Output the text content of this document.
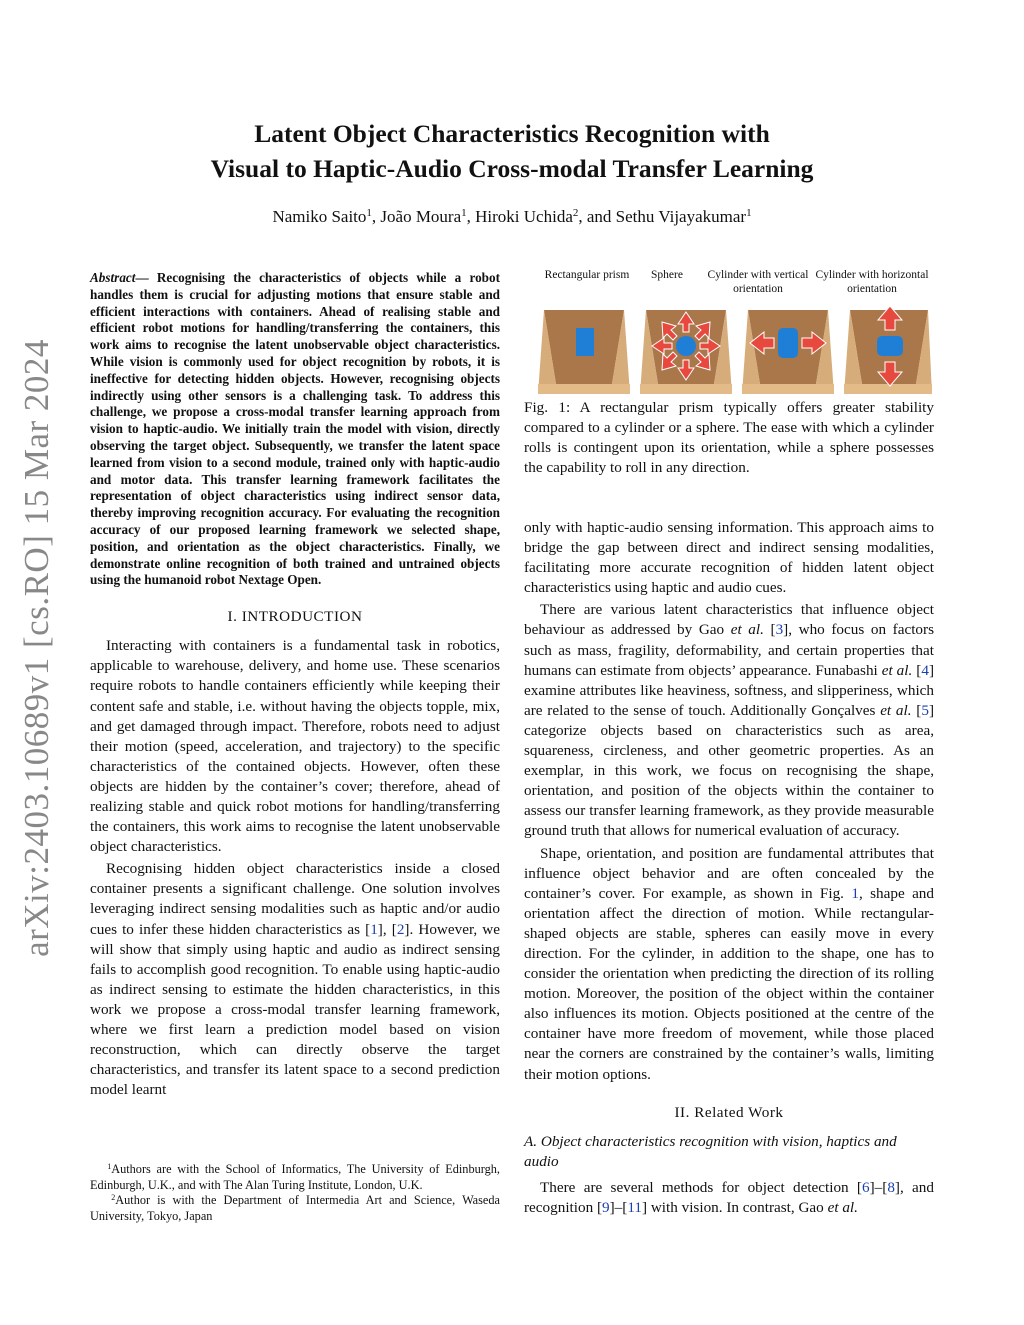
arXiv:2403.10689v1 [cs.RO] 15 Mar 2024
Latent Object Characteristics Recognition with
Visual to Haptic-Audio Cross-modal Transfer Learning
Namiko Saito$^1$, João Moura$^1$, Hiroki Uchida$^2$, and Sethu Vijayakumar$^1$

Abstract— Recognising the characteristics of objects while a robot handles them is crucial for adjusting motions that ensure stable and efficient interactions with containers. Ahead of realising stable and efficient robot motions for handling/transferring the containers, this work aims to recognise the latent unobservable object characteristics. While vision is commonly used for object recognition by robots, it is ineffective for detecting hidden objects. However, recognising objects indirectly using other sensors is a challenging task. To address this challenge, we propose a cross-modal transfer learning approach from vision to haptic-audio. We initially train the model with vision, directly observing the target object. Subsequently, we transfer the latent space learned from vision to a second module, trained only with haptic-audio and motor data. This transfer learning framework facilitates the representation of object characteristics using indirect sensor data, thereby improving recognition accuracy. For evaluating the recognition accuracy of our proposed learning framework we selected shape, position, and orientation as the object characteristics. Finally, we demonstrate online recognition of both trained and untrained objects using the humanoid robot Nextage Open.

I. INTRODUCTION

Interacting with containers is a fundamental task in robotics, applicable to warehouse, delivery, and home use. These scenarios require robots to handle containers efficiently while keeping their content safe and stable, i.e. without having the objects topple, mix, and get damaged through impact. Therefore, robots need to adjust their motion (speed, acceleration, and trajectory) to the specific characteristics of the contained objects. However, often these objects are hidden by the container’s cover; therefore, ahead of realizing stable and quick robot motions for handling/transferring the containers, this work aims to recognise the latent unobservable object characteristics.

Recognising hidden object characteristics inside a closed container presents a significant challenge. One solution involves leveraging indirect sensing modalities such as haptic and/or audio cues to infer these hidden characteristics as [1], [2]. However, we will show that simply using haptic and audio as indirect sensing fails to accomplish good recognition. To enable using haptic-audio as indirect sensing to estimate the hidden characteristics, in this work we propose a cross-modal transfer learning framework, where we first learn a prediction model based on vision reconstruction, which can directly observe the target characteristics, and transfer its latent space to a second prediction model learnt

$^1$Authors are with the School of Informatics, The University of Edinburgh, Edinburgh, U.K., and with The Alan Turing Institute, London, U.K.
$^2$Author is with the Department of Intermedia Art and Science, Waseda University, Tokyo, Japan
Rectangular prism	Sphere	Cylinder with vertical orientation
Cylinder with horizontal orientation
Fig. 1: A rectangular prism typically offers greater stability compared to a cylinder or a sphere. The ease with which a cylinder rolls is contingent upon its orientation, while a sphere possesses the capability to roll in any direction.

only with haptic-audio sensing information. This approach aims to bridge the gap between direct and indirect sensing modalities, facilitating more accurate recognition of hidden latent object characteristics using haptic and audio cues.

There are various latent characteristics that influence object behaviour as addressed by Gao et al. [3], who focus on factors such as mass, fragility, deformability, and certain properties that humans can estimate from objects’ appearance. Funabashi et al. [4] examine attributes like heaviness, softness, and slipperiness, which are related to the sense of touch. Additionally Gonçalves et al. [5] categorize objects based on characteristics such as area, squareness, circleness, and other geometric properties. As an exemplar, in this work, we focus on recognising the shape, orientation, and position of the objects within the container to assess our transfer learning framework, as they provide measurable ground truth that allows for numerical evaluation of accuracy.

Shape, orientation, and position are fundamental attributes that influence object behavior and are often concealed by the container’s cover. For example, as shown in Fig. 1, shape and orientation affect the direction of motion. While rectangular-shaped objects are stable, spheres can easily move in every direction. For the cylinder, in addition to the shape, one has to consider the orientation when predicting the direction of its rolling motion. Moreover, the position of the object within the container also influences its motion. Objects positioned at the centre of the container have more freedom of movement, while those placed near the corners are constrained by the container’s walls, limiting their motion options.

II. Related Work
A. Object characteristics recognition with vision, haptics and audio

There are several methods for object detection [6]–[8], and recognition [9]–[11] with vision. In contrast, Gao et al.
